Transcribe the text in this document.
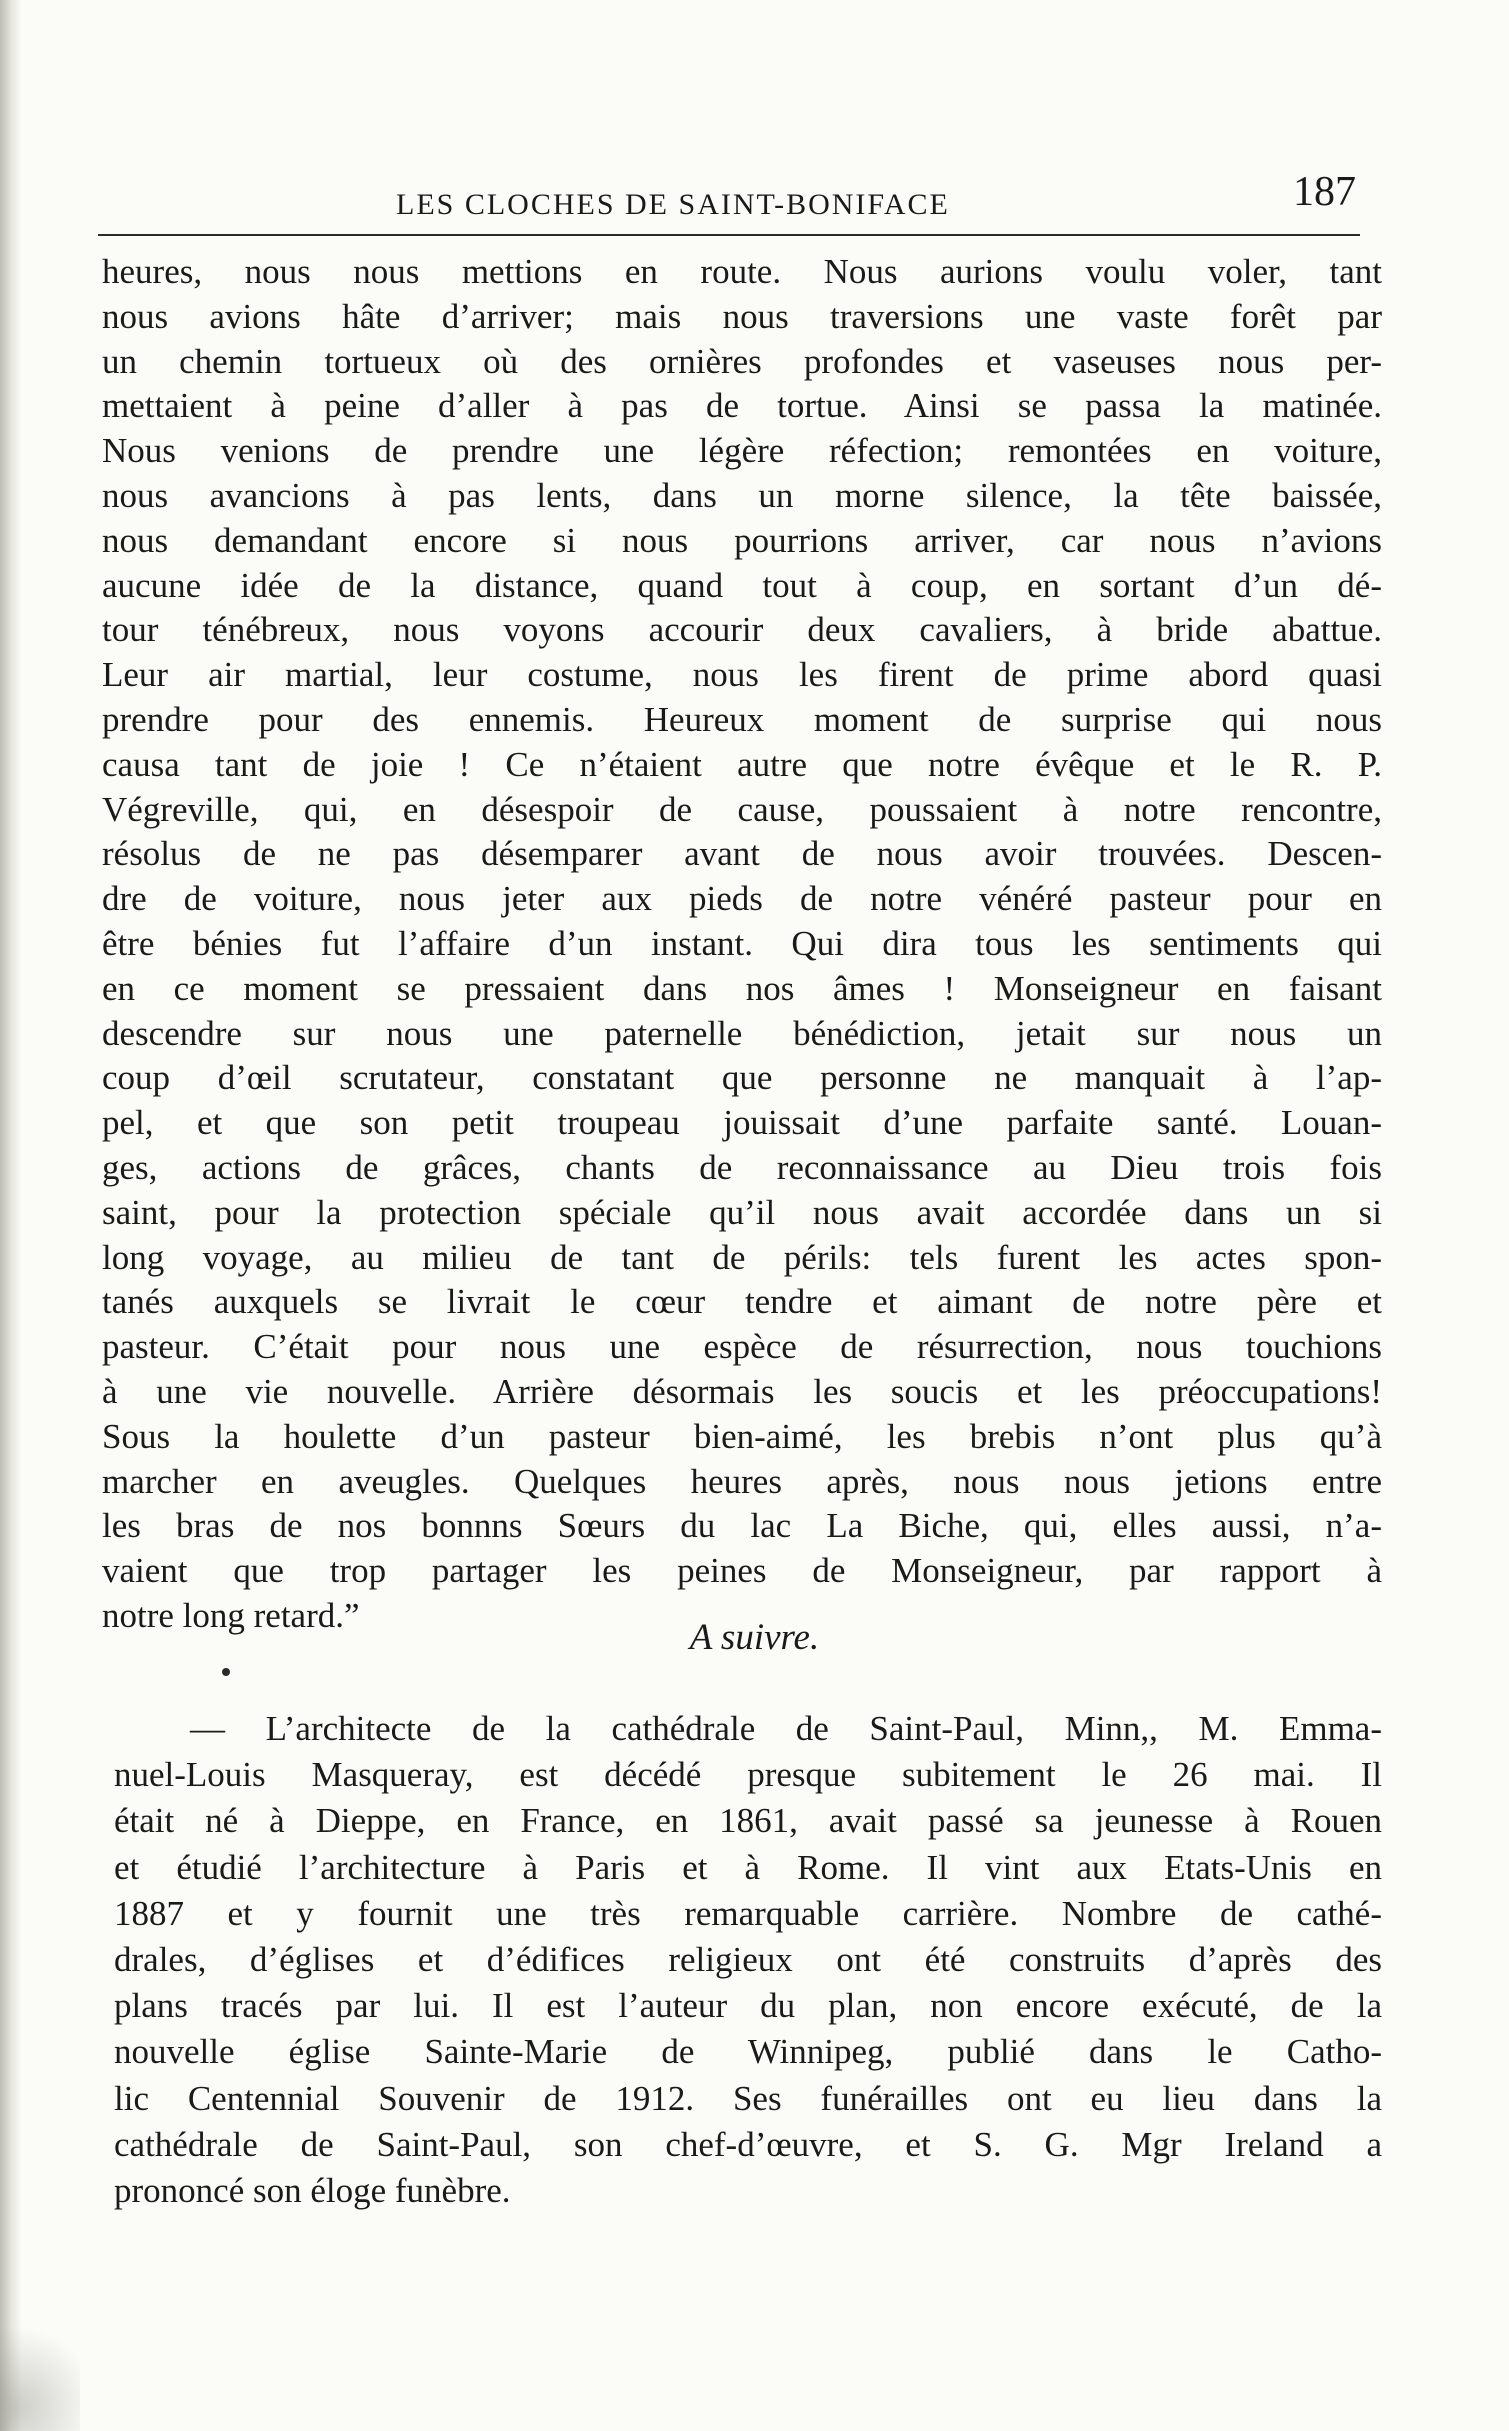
LES CLOCHES DE SAINT-BONIFACE	187
heures, nous nous mettions en route. Nous aurions voulu voler, tant
nous avions hâte d’arriver; mais nous traversions une vaste forêt par
un chemin tortueux où des ornières profondes et vaseuses nous per-
mettaient à peine d’aller à pas de tortue. Ainsi se passa la matinée.
Nous venions de prendre une légère réfection; remontées en voiture,
nous avancions à pas lents, dans un morne silence, la tête baissée,
nous demandant encore si nous pourrions arriver, car nous n’avions
aucune idée de la distance, quand tout à coup, en sortant d’un dé-
tour ténébreux, nous voyons accourir deux cavaliers, à bride abattue.
Leur air martial, leur costume, nous les firent de prime abord quasi
prendre pour des ennemis. Heureux moment de surprise qui nous
causa tant de joie ! Ce n’étaient autre que notre évêque et le R. P.
Végreville, qui, en désespoir de cause, poussaient à notre rencontre,
résolus de ne pas désemparer avant de nous avoir trouvées. Descen-
dre de voiture, nous jeter aux pieds de notre vénéré pasteur pour en
être bénies fut l’affaire d’un instant. Qui dira tous les sentiments qui
en ce moment se pressaient dans nos âmes ! Monseigneur en faisant
descendre sur nous une paternelle bénédiction, jetait sur nous un
coup d’œil scrutateur, constatant que personne ne manquait à l’ap-
pel, et que son petit troupeau jouissait d’une parfaite santé. Louan-
ges, actions de grâces, chants de reconnaissance au Dieu trois fois
saint, pour la protection spéciale qu’il nous avait accordée dans un si
long voyage, au milieu de tant de périls: tels furent les actes spon-
tanés auxquels se livrait le cœur tendre et aimant de notre père et
pasteur. C’était pour nous une espèce de résurrection, nous touchions
à une vie nouvelle. Arrière désormais les soucis et les préoccupations!
Sous la houlette d’un pasteur bien-aimé, les brebis n’ont plus qu’à
marcher en aveugles. Quelques heures après, nous nous jetions entre
les bras de nos bonnns Sœurs du lac La Biche, qui, elles aussi, n’a-
vaient que trop partager les peines de Monseigneur, par rapport à
notre long retard.”
A suivre.
— L’architecte de la cathédrale de Saint-Paul, Minn,, M. Emma-
nuel-Louis Masqueray, est décédé presque subitement le 26 mai. Il
était né à Dieppe, en France, en 1861, avait passé sa jeunesse à Rouen
et étudié l’architecture à Paris et à Rome. Il vint aux Etats-Unis en
1887 et y fournit une très remarquable carrière. Nombre de cathé-
drales, d’églises et d’édifices religieux ont été construits d’après des
plans tracés par lui. Il est l’auteur du plan, non encore exécuté, de la
nouvelle église Sainte-Marie de Winnipeg, publié dans le Catho-
lic Centennial Souvenir de 1912. Ses funérailles ont eu lieu dans la
cathédrale de Saint-Paul, son chef-d’œuvre, et S. G. Mgr Ireland a
prononcé son éloge funèbre.
